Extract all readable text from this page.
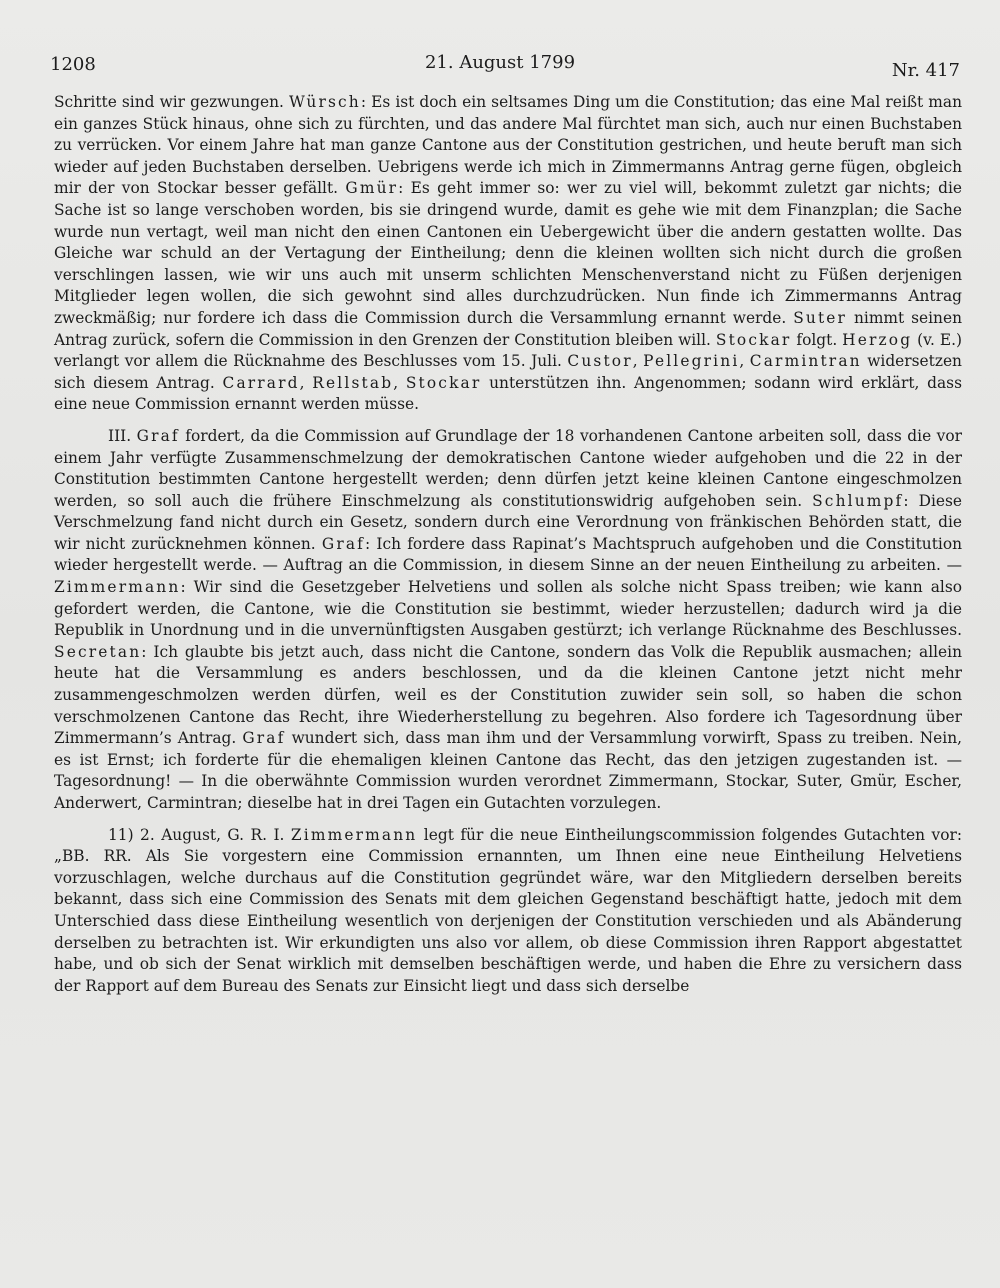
1208	21. August 1799	Nr. 417

Schritte sind wir gezwungen. Würsch: Es ist doch ein seltsames Ding um die Constitution; das eine Mal reißt man ein ganzes Stück hinaus, ohne sich zu fürchten, und das andere Mal fürchtet man sich, auch nur einen Buchstaben zu verrücken. Vor einem Jahre hat man ganze Cantone aus der Constitution gestrichen, und heute beruft man sich wieder auf jeden Buchstaben derselben. Uebrigens werde ich mich in Zimmermanns Antrag gerne fügen, obgleich mir der von Stockar besser gefällt. Gmür: Es geht immer so: wer zu viel will, bekommt zuletzt gar nichts; die Sache ist so lange verschoben worden, bis sie dringend wurde, damit es gehe wie mit dem Finanzplan; die Sache wurde nun vertagt, weil man nicht den einen Cantonen ein Uebergewicht über die andern gestatten wollte. Das Gleiche war schuld an der Vertagung der Eintheilung; denn die kleinen wollten sich nicht durch die großen verschlingen lassen, wie wir uns auch mit unserm schlichten Menschenverstand nicht zu Füßen derjenigen Mitglieder legen wollen, die sich gewohnt sind alles durchzudrücken. Nun finde ich Zimmermanns Antrag zweckmäßig; nur fordere ich dass die Commission durch die Versammlung ernannt werde. Suter nimmt seinen Antrag zurück, sofern die Commission in den Grenzen der Constitution bleiben will. Stockar folgt. Herzog (v. E.) verlangt vor allem die Rücknahme des Beschlusses vom 15. Juli. Custor, Pellegrini, Carmintran widersetzen sich diesem Antrag. Carrard, Rellstab, Stockar unterstützen ihn. Angenommen; sodann wird erklärt, dass eine neue Commission ernannt werden müsse.

III. Graf fordert, da die Commission auf Grundlage der 18 vorhandenen Cantone arbeiten soll, dass die vor einem Jahr verfügte Zusammenschmelzung der demokratischen Cantone wieder aufgehoben und die 22 in der Constitution bestimmten Cantone hergestellt werden; denn dürfen jetzt keine kleinen Cantone eingeschmolzen werden, so soll auch die frühere Einschmelzung als constitutionswidrig aufgehoben sein. Schlumpf: Diese Verschmelzung fand nicht durch ein Gesetz, sondern durch eine Verordnung von fränkischen Behörden statt, die wir nicht zurücknehmen können. Graf: Ich fordere dass Rapinat’s Machtspruch aufgehoben und die Constitution wieder hergestellt werde. — Auftrag an die Commission, in diesem Sinne an der neuen Eintheilung zu arbeiten. — Zimmermann: Wir sind die Gesetzgeber Helvetiens und sollen als solche nicht Spass treiben; wie kann also gefordert werden, die Cantone, wie die Constitution sie bestimmt, wieder herzustellen; dadurch wird ja die Republik in Unordnung und in die unvernünftigsten Ausgaben gestürzt; ich verlange Rücknahme des Beschlusses. Secretan: Ich glaubte bis jetzt auch, dass nicht die Cantone, sondern das Volk die Republik ausmachen; allein heute hat die Versammlung es anders beschlossen, und da die kleinen Cantone jetzt nicht mehr zusammengeschmolzen werden dürfen, weil es der Constitution zuwider sein soll, so haben die schon verschmolzenen Cantone das Recht, ihre Wiederherstellung zu begehren. Also fordere ich Tagesordnung über Zimmermann’s Antrag. Graf wundert sich, dass man ihm und der Versammlung vorwirft, Spass zu treiben. Nein, es ist Ernst; ich forderte für die ehemaligen kleinen Cantone das Recht, das den jetzigen zugestanden ist. — Tagesordnung! — In die oberwähnte Commission wurden verordnet Zimmermann, Stockar, Suter, Gmür, Escher, Anderwert, Carmintran; dieselbe hat in drei Tagen ein Gutachten vorzulegen.

11) 2. August, G. R. I. Zimmermann legt für die neue Eintheilungscommission folgendes Gutachten vor: „BB. RR. Als Sie vorgestern eine Commission ernannten, um Ihnen eine neue Eintheilung Helvetiens vorzuschlagen, welche durchaus auf die Constitution gegründet wäre, war den Mitgliedern derselben bereits bekannt, dass sich eine Commission des Senats mit dem gleichen Gegenstand beschäftigt hatte, jedoch mit dem Unterschied dass diese Eintheilung wesentlich von derjenigen der Constitution verschieden und als Abänderung derselben zu betrachten ist. Wir erkundigten uns also vor allem, ob diese Commission ihren Rapport abgestattet habe, und ob sich der Senat wirklich mit demselben beschäftigen werde, und haben die Ehre zu versichern dass der Rapport auf dem Bureau des Senats zur Einsicht liegt und dass sich derselbe
